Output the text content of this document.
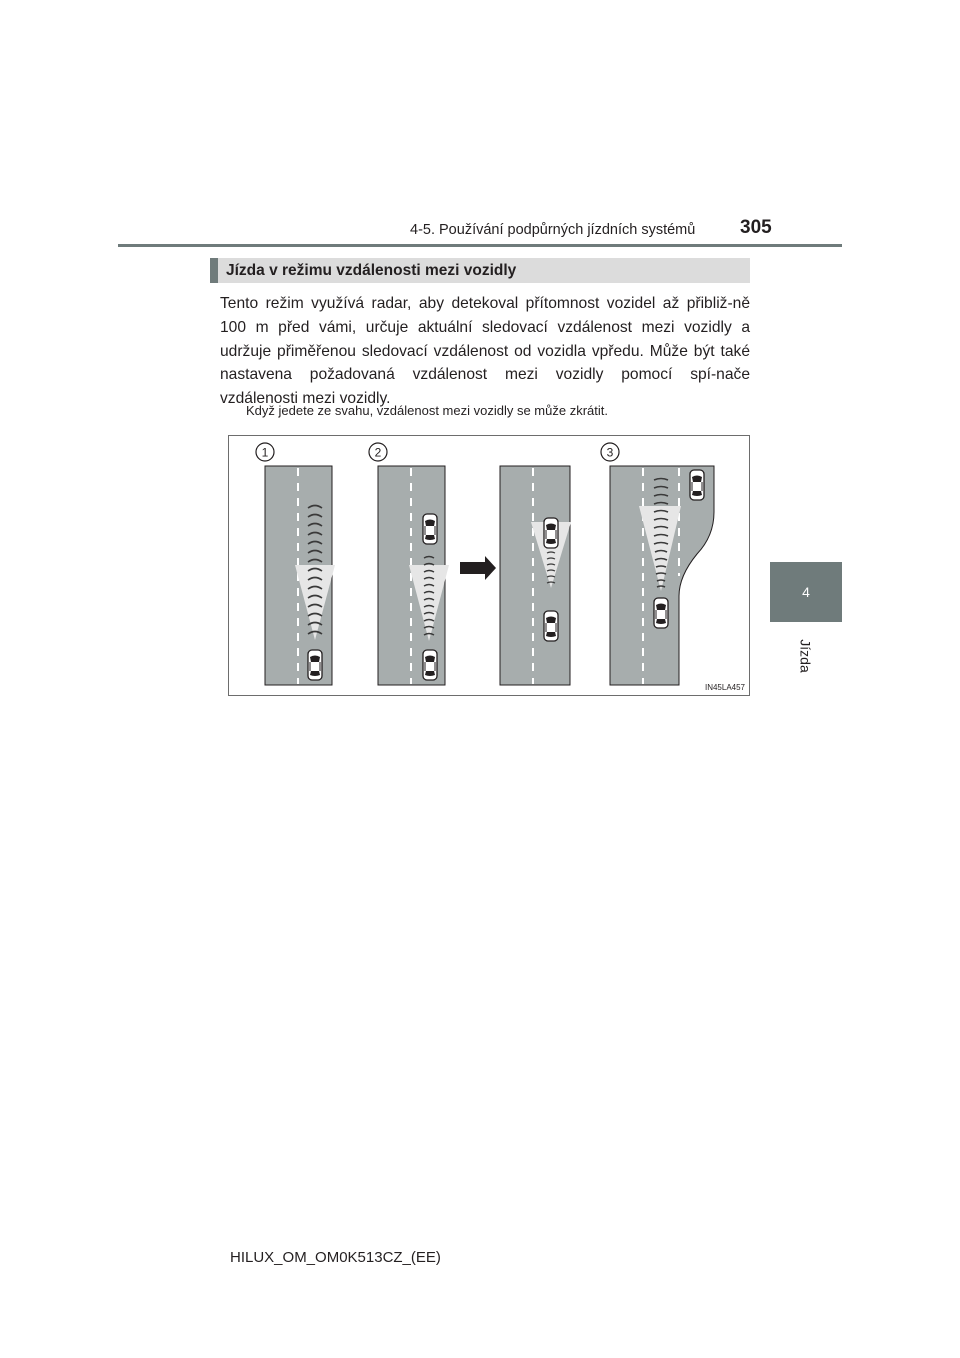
4-5. Používání podpůrných jízdních systémů 305
4
Jízda
Jízda v režimu vzdálenosti mezi vozidly

Tento režim využívá radar, aby detekoval přítomnost vozidel až přibliž-ně 100 m před vámi, určuje aktuální sledovací vzdálenost mezi vozidly a udržuje přiměřenou sledovací vzdálenost od vozidla vpředu. Může být také nastavena požadovaná vzdálenost mezi vozidly pomocí spí-nače vzdálenosti mezi vozidly.

Když jedete ze svahu, vzdálenost mezi vozidly se může zkrátit.
1	2	3
IN45LA457
HILUX_OM_OM0K513CZ_(EE)
